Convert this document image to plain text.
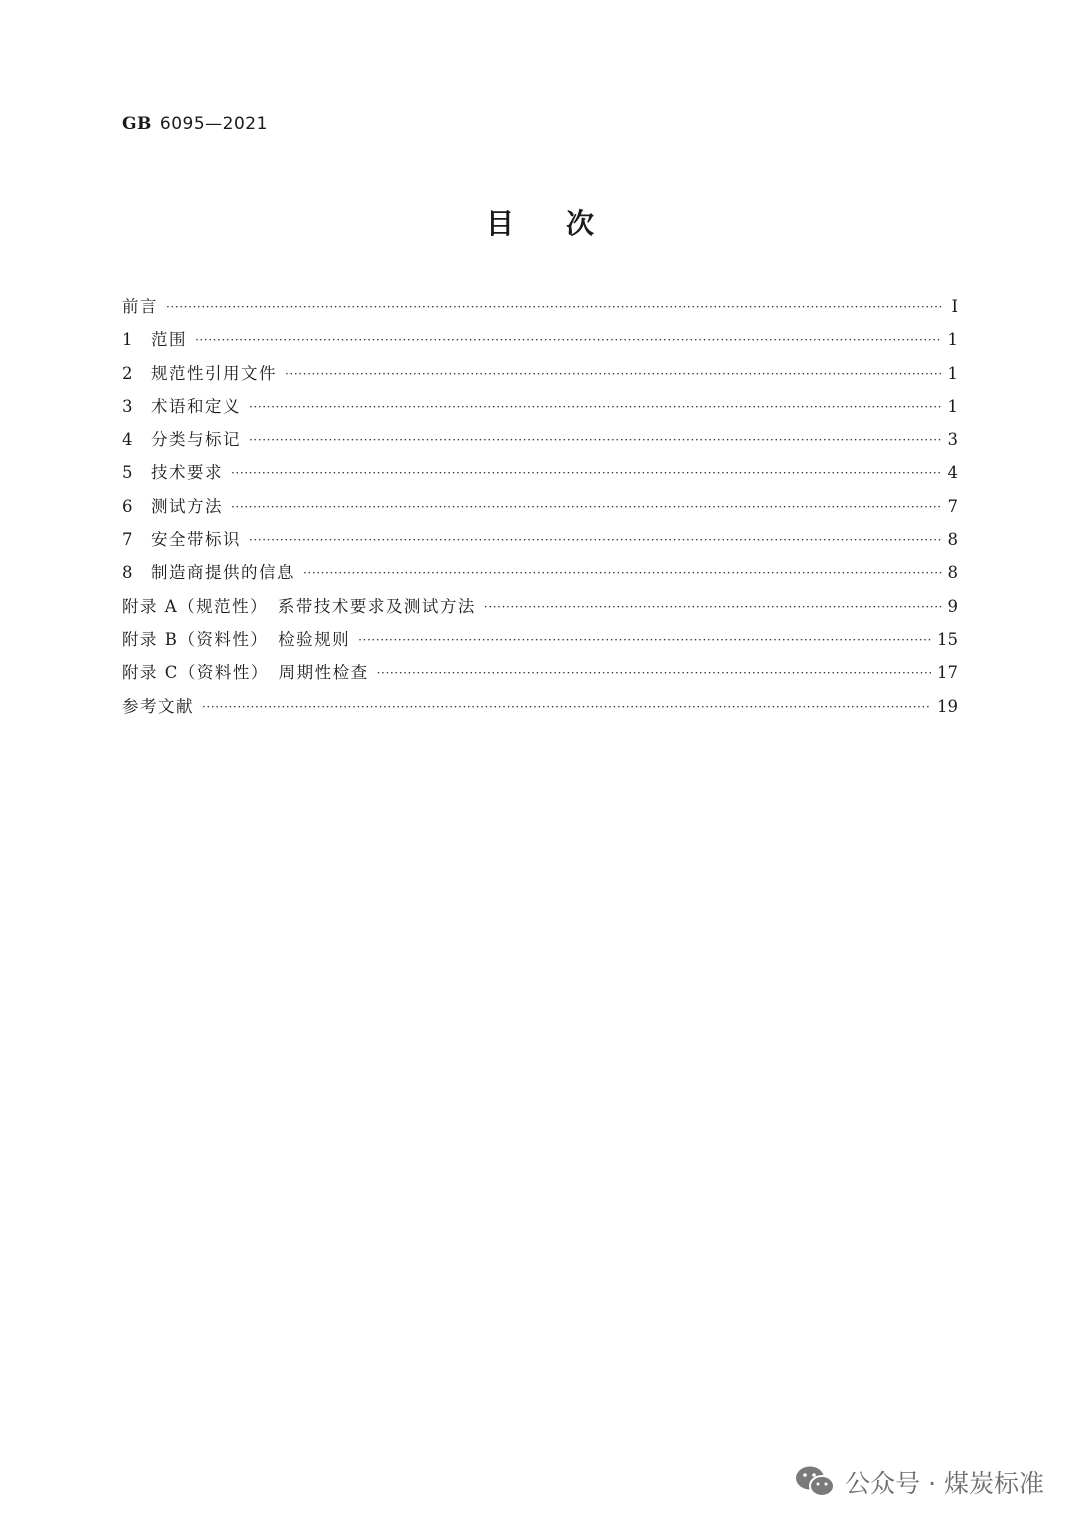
GB 6095—2021
目次
前言 ·····	Ⅰ
1	范围 ·····	1
2	规范性引用文件 ·····	1
3	术语和定义 ·····	1
4	分类与标记 ·····	3
5	技术要求 ·····	4
6	测试方法 ·····	7
7	安全带标识 ·····	8
8	制造商提供的信息 ·····	8
附录 A（规范性）　系带技术要求及测试方法 ·····	9
附录 B（资料性）　检验规则 ·····	15
附录 C（资料性）　周期性检查 ·····	17
参考文献 ·····	19
公众号 · 煤炭标准
